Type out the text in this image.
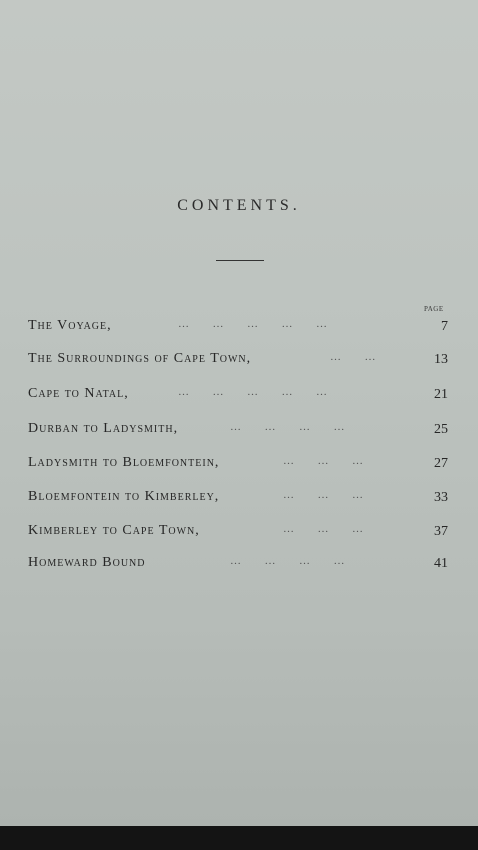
CONTENTS.
PAGE
The Voyage,	…      …      …      …      …	7
The Surroundings of Cape Town,	…      …	13
Cape to Natal,	…      …      …      …      …	21
Durban to Ladysmith,	…      …      …      …	25
Ladysmith to Bloemfontein,	…      …      …	27
Bloemfontein to Kimberley,	…      …      …	33
Kimberley to Cape Town,	…      …      …	37
Homeward Bound	…      …      …      …	41
